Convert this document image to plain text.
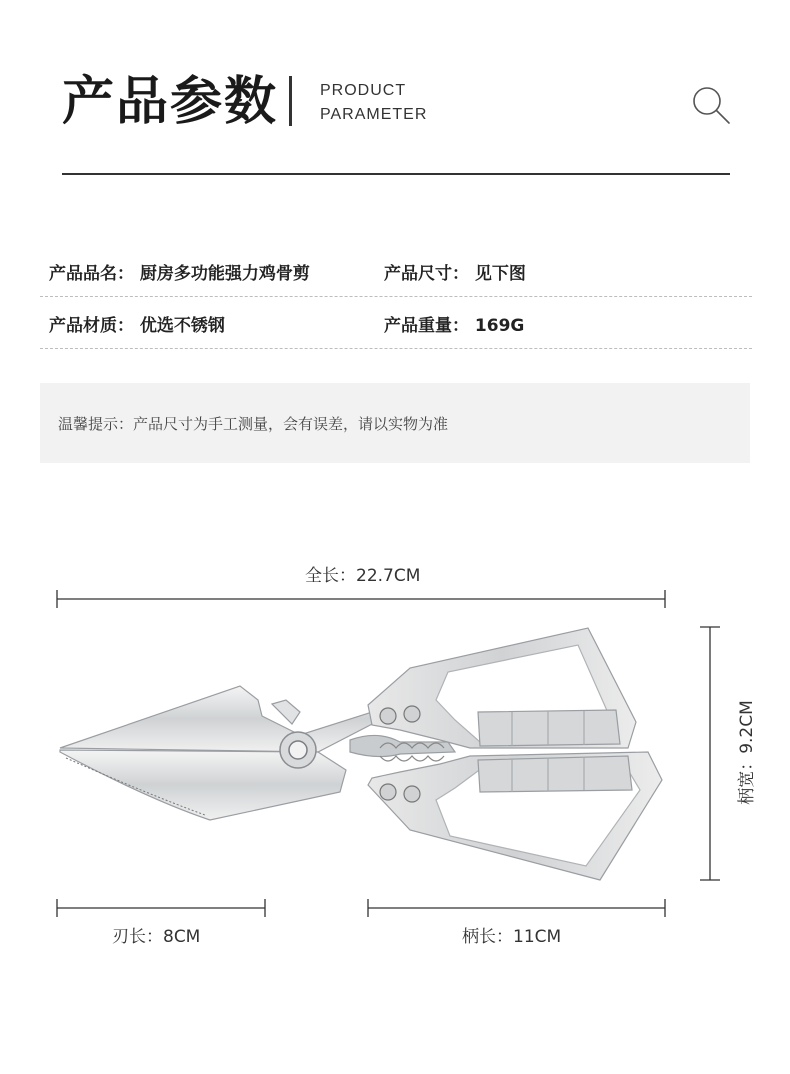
产品参数	PRODUCT
PARAMETER
产品品名： 厨房多功能强力鸡骨剪	产品尺寸： 见下图
产品材质： 优选不锈钢	产品重量： 169G
温馨提示：产品尺寸为手工测量，会有误差，请以实物为准
全长：22.7CM
刃长：8CM	柄长：11CM
柄宽：9.2CM
